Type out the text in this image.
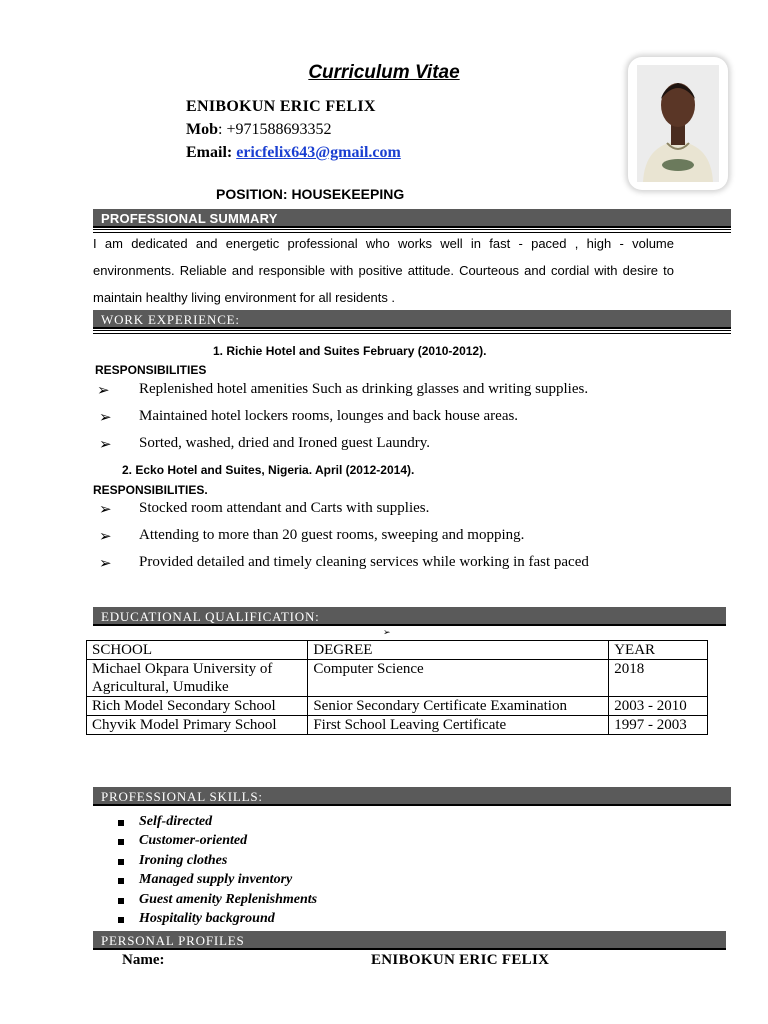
Curriculum Vitae
ENIBOKUN ERIC FELIX
Mob: +971588693352
Email: ericfelix643@gmail.com
POSITION: HOUSEKEEPING
PROFESSIONAL SUMMARY
I am dedicated and energetic professional who works well in fast - paced , high - volume environments. Reliable and responsible with positive attitude. Courteous and cordial with desire to maintain healthy living environment for all residents .
WORK EXPERIENCE:
1. Richie Hotel and Suites February (2010-2012).
RESPONSIBILITIES
➢ Replenished hotel amenities Such as drinking glasses and writing supplies.
➢ Maintained hotel lockers rooms, lounges and back house areas.
➢ Sorted, washed, dried and Ironed guest Laundry.
2. Ecko Hotel and Suites, Nigeria. April (2012-2014).
RESPONSIBILITIES.
➢ Stocked room attendant and Carts with supplies.
➢ Attending to more than 20 guest rooms, sweeping and mopping.
➢ Provided detailed and timely cleaning services while working in fast paced
EDUCATIONAL QUALIFICATION:
➢
SCHOOL	DEGREE	YEAR
Michael Okpara University of Agricultural, Umudike	Computer Science	2018
Rich Model Secondary School	Senior Secondary Certificate Examination	2003 - 2010
Chyvik Model Primary School	First School Leaving Certificate	1997 - 2003
PROFESSIONAL SKILLS:
Self-directed
Customer-oriented
Ironing clothes
Managed supply inventory
Guest amenity Replenishments
Hospitality background
PERSONAL PROFILES
Name:	ENIBOKUN ERIC FELIX
